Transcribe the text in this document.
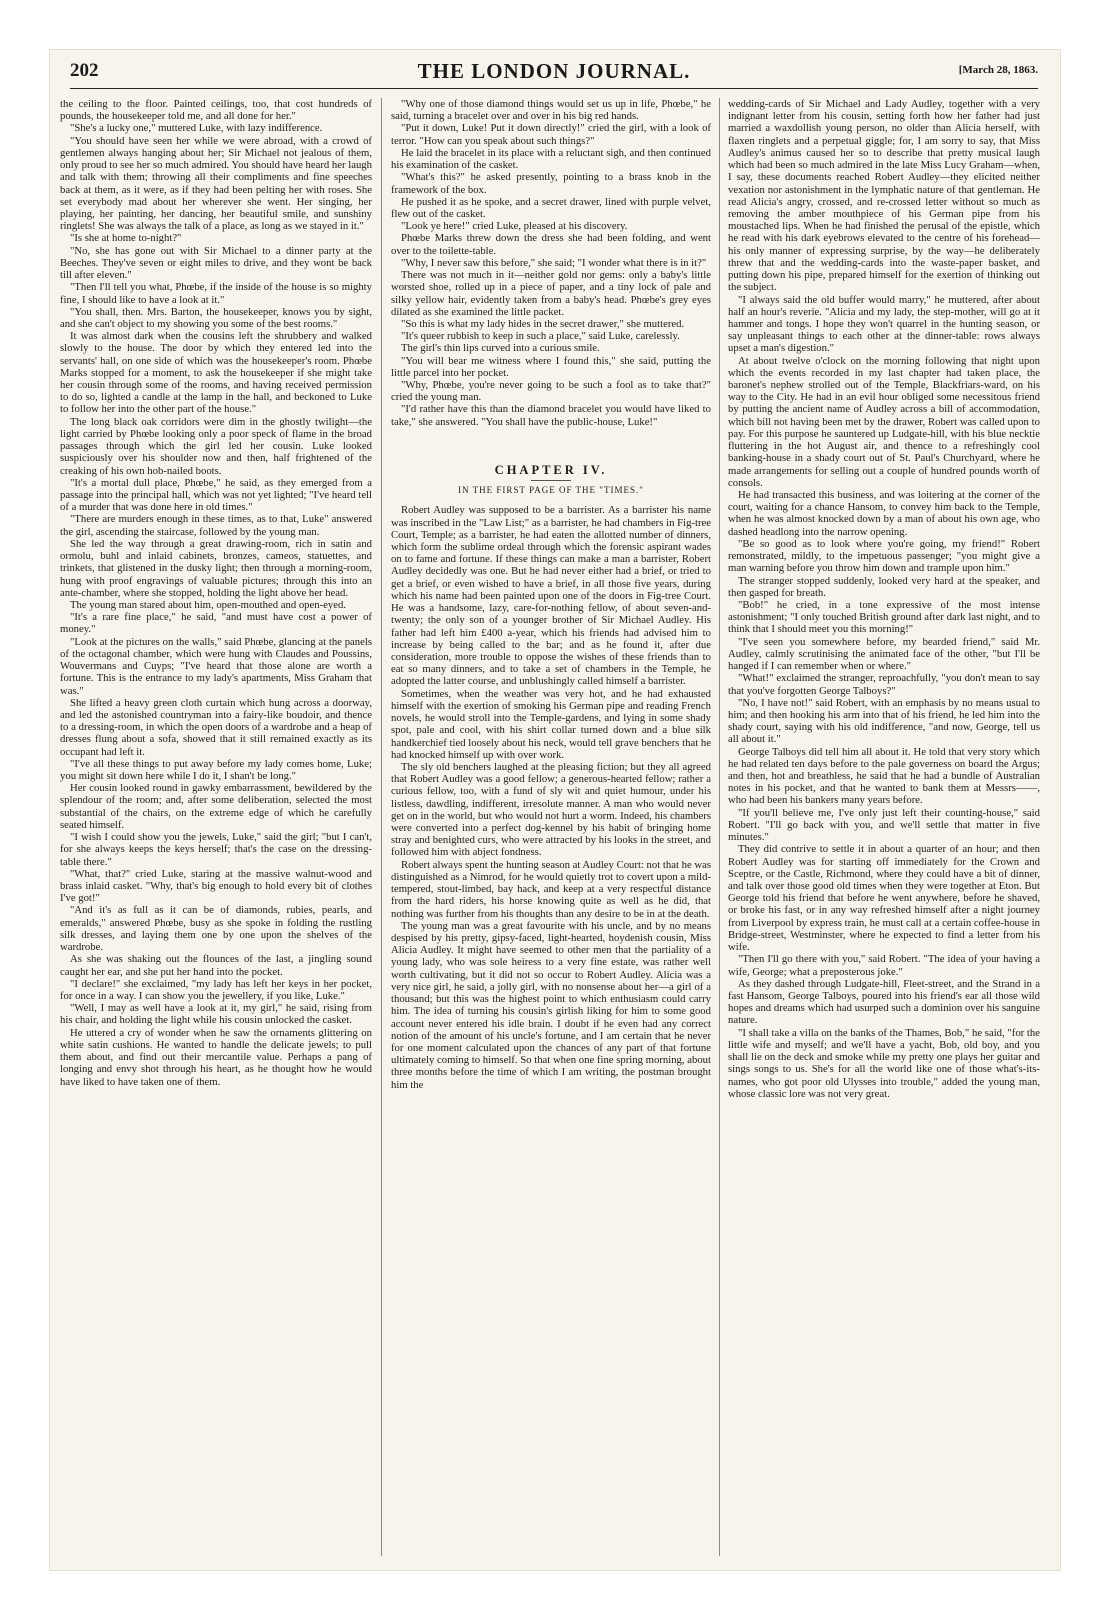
202	THE LONDON JOURNAL.	[March 28, 1863.

the ceiling to the floor. Painted ceilings, too, that cost hundreds of pounds, the housekeeper told me, and all done for her."

"She's a lucky one," muttered Luke, with lazy indifference.

"You should have seen her while we were abroad, with a crowd of gentlemen always hanging about her; Sir Michael not jealous of them, only proud to see her so much admired. You should have heard her laugh and talk with them; throwing all their compliments and fine speeches back at them, as it were, as if they had been pelting her with roses. She set everybody mad about her wherever she went. Her singing, her playing, her painting, her dancing, her beautiful smile, and sunshiny ringlets! She was always the talk of a place, as long as we stayed in it."

"Is she at home to-night?"

"No, she has gone out with Sir Michael to a dinner party at the Beeches. They've seven or eight miles to drive, and they wont be back till after eleven."

"Then I'll tell you what, Phœbe, if the inside of the house is so mighty fine, I should like to have a look at it."

"You shall, then. Mrs. Barton, the housekeeper, knows you by sight, and she can't object to my showing you some of the best rooms."

It was almost dark when the cousins left the shrubbery and walked slowly to the house. The door by which they entered led into the servants' hall, on one side of which was the housekeeper's room. Phœbe Marks stopped for a moment, to ask the housekeeper if she might take her cousin through some of the rooms, and having received permission to do so, lighted a candle at the lamp in the hall, and beckoned to Luke to follow her into the other part of the house."

The long black oak corridors were dim in the ghostly twilight—the light carried by Phœbe looking only a poor speck of flame in the broad passages through which the girl led her cousin. Luke looked suspiciously over his shoulder now and then, half frightened of the creaking of his own hob-nailed boots.

"It's a mortal dull place, Phœbe," he said, as they emerged from a passage into the principal hall, which was not yet lighted; "I've heard tell of a murder that was done here in old times."

"There are murders enough in these times, as to that, Luke" answered the girl, ascending the staircase, followed by the young man.

She led the way through a great drawing-room, rich in satin and ormolu, buhl and inlaid cabinets, bronzes, cameos, statuettes, and trinkets, that glistened in the dusky light; then through a morning-room, hung with proof engravings of valuable pictures; through this into an ante-chamber, where she stopped, holding the light above her head.

The young man stared about him, open-mouthed and open-eyed.

"It's a rare fine place," he said, "and must have cost a power of money."

"Look at the pictures on the walls," said Phœbe, glancing at the panels of the octagonal chamber, which were hung with Claudes and Poussins, Wouvermans and Cuyps; "I've heard that those alone are worth a fortune. This is the entrance to my lady's apartments, Miss Graham that was."

She lifted a heavy green cloth curtain which hung across a doorway, and led the astonished countryman into a fairy-like boudoir, and thence to a dressing-room, in which the open doors of a wardrobe and a heap of dresses flung about a sofa, showed that it still remained exactly as its occupant had left it.

"I've all these things to put away before my lady comes home, Luke; you might sit down here while I do it, I shan't be long."

Her cousin looked round in gawky embarrassment, bewildered by the splendour of the room; and, after some deliberation, selected the most substantial of the chairs, on the extreme edge of which he carefully seated himself.

"I wish I could show you the jewels, Luke," said the girl; "but I can't, for she always keeps the keys herself; that's the case on the dressing-table there."

"What, that?" cried Luke, staring at the massive walnut-wood and brass inlaid casket. "Why, that's big enough to hold every bit of clothes I've got!"

"And it's as full as it can be of diamonds, rubies, pearls, and emeralds," answered Phœbe, busy as she spoke in folding the rustling silk dresses, and laying them one by one upon the shelves of the wardrobe.

As she was shaking out the flounces of the last, a jingling sound caught her ear, and she put her hand into the pocket.

"I declare!" she exclaimed, "my lady has left her keys in her pocket, for once in a way. I can show you the jewellery, if you like, Luke."

"Well, I may as well have a look at it, my girl," he said, rising from his chair, and holding the light while his cousin unlocked the casket.

He uttered a cry of wonder when he saw the ornaments glittering on white satin cushions. He wanted to handle the delicate jewels; to pull them about, and find out their mercantile value. Perhaps a pang of longing and envy shot through his heart, as he thought how he would have liked to have taken one of them.

"Why one of those diamond things would set us up in life, Phœbe," he said, turning a bracelet over and over in his big red hands.

"Put it down, Luke! Put it down directly!" cried the girl, with a look of terror. "How can you speak about such things?"

He laid the bracelet in its place with a reluctant sigh, and then continued his examination of the casket.

"What's this?" he asked presently, pointing to a brass knob in the framework of the box.

He pushed it as he spoke, and a secret drawer, lined with purple velvet, flew out of the casket.

"Look ye here!" cried Luke, pleased at his discovery.

Phœbe Marks threw down the dress she had been folding, and went over to the toilette-table.

"Why, I never saw this before," she said; "I wonder what there is in it?"

There was not much in it—neither gold nor gems: only a baby's little worsted shoe, rolled up in a piece of paper, and a tiny lock of pale and silky yellow hair, evidently taken from a baby's head. Phœbe's grey eyes dilated as she examined the little packet.

"So this is what my lady hides in the secret drawer," she muttered.

"It's queer rubbish to keep in such a place," said Luke, carelessly.

The girl's thin lips curved into a curious smile.

"You will bear me witness where I found this," she said, putting the little parcel into her pocket.

"Why, Phœbe, you're never going to be such a fool as to take that?" cried the young man.

"I'd rather have this than the diamond bracelet you would have liked to take," she answered. "You shall have the public-house, Luke!"

CHAPTER IV.
IN THE FIRST PAGE OF THE "TIMES."

Robert Audley was supposed to be a barrister. As a barrister his name was inscribed in the "Law List;" as a barrister, he had chambers in Fig-tree Court, Temple; as a barrister, he had eaten the allotted number of dinners, which form the sublime ordeal through which the forensic aspirant wades on to fame and fortune. If these things can make a man a barrister, Robert Audley decidedly was one. But he had never either had a brief, or tried to get a brief, or even wished to have a brief, in all those five years, during which his name had been painted upon one of the doors in Fig-tree Court. He was a handsome, lazy, care-for-nothing fellow, of about seven-and-twenty; the only son of a younger brother of Sir Michael Audley. His father had left him £400 a-year, which his friends had advised him to increase by being called to the bar; and as he found it, after due consideration, more trouble to oppose the wishes of these friends than to eat so many dinners, and to take a set of chambers in the Temple, he adopted the latter course, and unblushingly called himself a barrister.

Sometimes, when the weather was very hot, and he had exhausted himself with the exertion of smoking his German pipe and reading French novels, he would stroll into the Temple-gardens, and lying in some shady spot, pale and cool, with his shirt collar turned down and a blue silk handkerchief tied loosely about his neck, would tell grave benchers that he had knocked himself up with over work.

The sly old benchers laughed at the pleasing fiction; but they all agreed that Robert Audley was a good fellow; a generous-hearted fellow; rather a curious fellow, too, with a fund of sly wit and quiet humour, under his listless, dawdling, indifferent, irresolute manner. A man who would never get on in the world, but who would not hurt a worm. Indeed, his chambers were converted into a perfect dog-kennel by his habit of bringing home stray and benighted curs, who were attracted by his looks in the street, and followed him with abject fondness.

Robert always spent the hunting season at Audley Court: not that he was distinguished as a Nimrod, for he would quietly trot to covert upon a mild-tempered, stout-limbed, bay hack, and keep at a very respectful distance from the hard riders, his horse knowing quite as well as he did, that nothing was further from his thoughts than any desire to be in at the death.

The young man was a great favourite with his uncle, and by no means despised by his pretty, gipsy-faced, light-hearted, hoydenish cousin, Miss Alicia Audley. It might have seemed to other men that the partiality of a young lady, who was sole heiress to a very fine estate, was rather well worth cultivating, but it did not so occur to Robert Audley. Alicia was a very nice girl, he said, a jolly girl, with no nonsense about her—a girl of a thousand; but this was the highest point to which enthusiasm could carry him. The idea of turning his cousin's girlish liking for him to some good account never entered his idle brain. I doubt if he even had any correct notion of the amount of his uncle's fortune, and I am certain that he never for one moment calculated upon the chances of any part of that fortune ultimately coming to himself. So that when one fine spring morning, about three months before the time of which I am writing, the postman brought him the

wedding-cards of Sir Michael and Lady Audley, together with a very indignant letter from his cousin, setting forth how her father had just married a waxdollish young person, no older than Alicia herself, with flaxen ringlets and a perpetual giggle; for, I am sorry to say, that Miss Audley's animus caused her so to describe that pretty musical laugh which had been so much admired in the late Miss Lucy Graham—when, I say, these documents reached Robert Audley—they elicited neither vexation nor astonishment in the lymphatic nature of that gentleman. He read Alicia's angry, crossed, and re-crossed letter without so much as removing the amber mouthpiece of his German pipe from his moustached lips. When he had finished the perusal of the epistle, which he read with his dark eyebrows elevated to the centre of his forehead—his only manner of expressing surprise, by the way—he deliberately threw that and the wedding-cards into the waste-paper basket, and putting down his pipe, prepared himself for the exertion of thinking out the subject.

"I always said the old buffer would marry," he muttered, after about half an hour's reverie. "Alicia and my lady, the step-mother, will go at it hammer and tongs. I hope they won't quarrel in the hunting season, or say unpleasant things to each other at the dinner-table: rows always upset a man's digestion."

At about twelve o'clock on the morning following that night upon which the events recorded in my last chapter had taken place, the baronet's nephew strolled out of the Temple, Blackfriars-ward, on his way to the City. He had in an evil hour obliged some necessitous friend by putting the ancient name of Audley across a bill of accommodation, which bill not having been met by the drawer, Robert was called upon to pay. For this purpose he sauntered up Ludgate-hill, with his blue necktie fluttering in the hot August air, and thence to a refreshingly cool banking-house in a shady court out of St. Paul's Churchyard, where he made arrangements for selling out a couple of hundred pounds worth of consols.

He had transacted this business, and was loitering at the corner of the court, waiting for a chance Hansom, to convey him back to the Temple, when he was almost knocked down by a man of about his own age, who dashed headlong into the narrow opening.

"Be so good as to look where you're going, my friend!" Robert remonstrated, mildly, to the impetuous passenger; "you might give a man warning before you throw him down and trample upon him."

The stranger stopped suddenly, looked very hard at the speaker, and then gasped for breath.

"Bob!" he cried, in a tone expressive of the most intense astonishment; "I only touched British ground after dark last night, and to think that I should meet you this morning!"

"I've seen you somewhere before, my bearded friend," said Mr. Audley, calmly scrutinising the animated face of the other, "but I'll be hanged if I can remember when or where."

"What!" exclaimed the stranger, reproachfully, "you don't mean to say that you've forgotten George Talboys?"

"No, I have not!" said Robert, with an emphasis by no means usual to him; and then hooking his arm into that of his friend, he led him into the shady court, saying with his old indifference, "and now, George, tell us all about it."

George Talboys did tell him all about it. He told that very story which he had related ten days before to the pale governess on board the Argus; and then, hot and breathless, he said that he had a bundle of Australian notes in his pocket, and that he wanted to bank them at Messrs——, who had been his bankers many years before.

"If you'll believe me, I've only just left their counting-house," said Robert. "I'll go back with you, and we'll settle that matter in five minutes."

They did contrive to settle it in about a quarter of an hour; and then Robert Audley was for starting off immediately for the Crown and Sceptre, or the Castle, Richmond, where they could have a bit of dinner, and talk over those good old times when they were together at Eton. But George told his friend that before he went anywhere, before he shaved, or broke his fast, or in any way refreshed himself after a night journey from Liverpool by express train, he must call at a certain coffee-house in Bridge-street, Westminster, where he expected to find a letter from his wife.

"Then I'll go there with you," said Robert. "The idea of your having a wife, George; what a preposterous joke."

As they dashed through Ludgate-hill, Fleet-street, and the Strand in a fast Hansom, George Talboys, poured into his friend's ear all those wild hopes and dreams which had usurped such a dominion over his sanguine nature.

"I shall take a villa on the banks of the Thames, Bob," he said, "for the little wife and myself; and we'll have a yacht, Bob, old boy, and you shall lie on the deck and smoke while my pretty one plays her guitar and sings songs to us. She's for all the world like one of those what's-its-names, who got poor old Ulysses into trouble," added the young man, whose classic lore was not very great.
